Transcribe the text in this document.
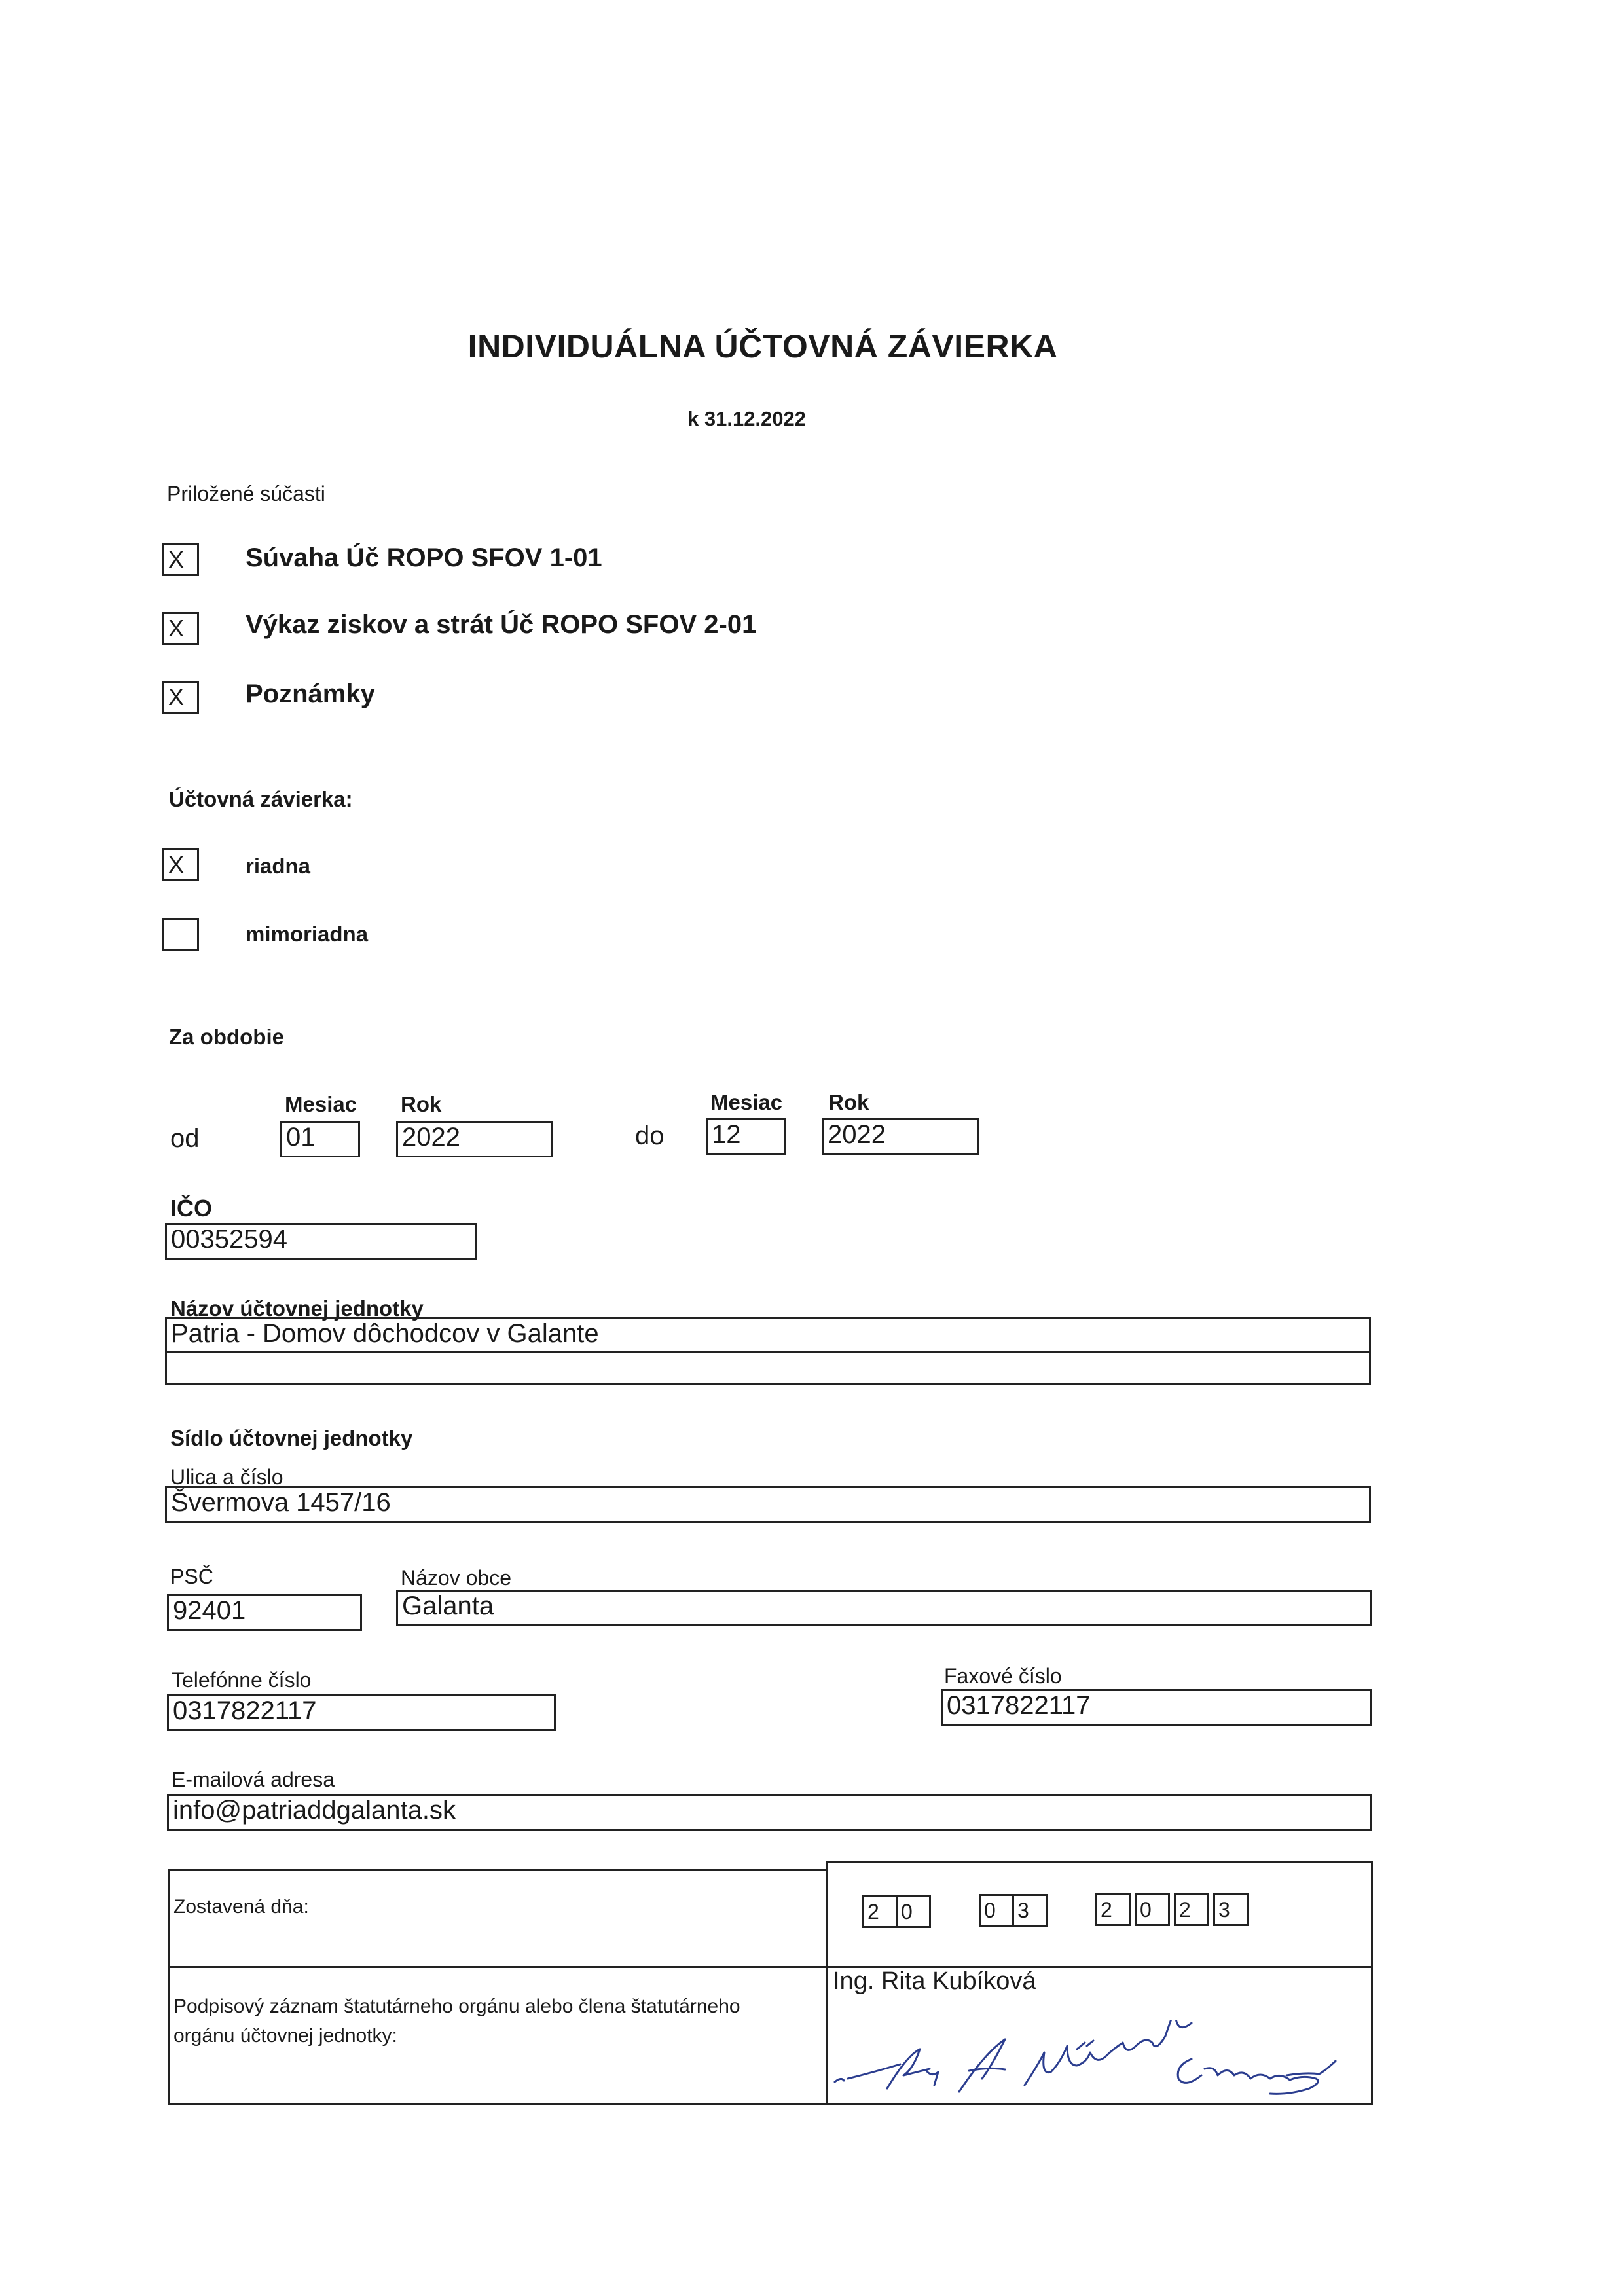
INDIVIDUÁLNA ÚČTOVNÁ ZÁVIERKA
k 31.12.2022
Priložené súčasti
X	Súvaha Úč ROPO SFOV 1-01
X	Výkaz ziskov a strát Úč ROPO SFOV 2-01
X	Poznámky
Účtovná závierka:
X	riadna
mimoriadna
Za obdobie
Mesiac Rok	Mesiac Rok
od	01	2022	do 12	2022
IČO
00352594
Názov účtovnej jednotky
Patria - Domov dôchodcov v Galante
Sídlo účtovnej jednotky
Ulica a číslo
Švermova 1457/16
PSČ
92401
Názov obce
Galanta
Telefónne číslo
0317822117
Faxové číslo
0317822117
E-mailová adresa
info@patriaddgalanta.sk
Zostavená dňa:	2	0	0	3	2	0	2	3
Podpisový záznam štatutárneho orgánu alebo člena štatutárneho
orgánu účtovnej jednotky:
Ing. Rita Kubíková
